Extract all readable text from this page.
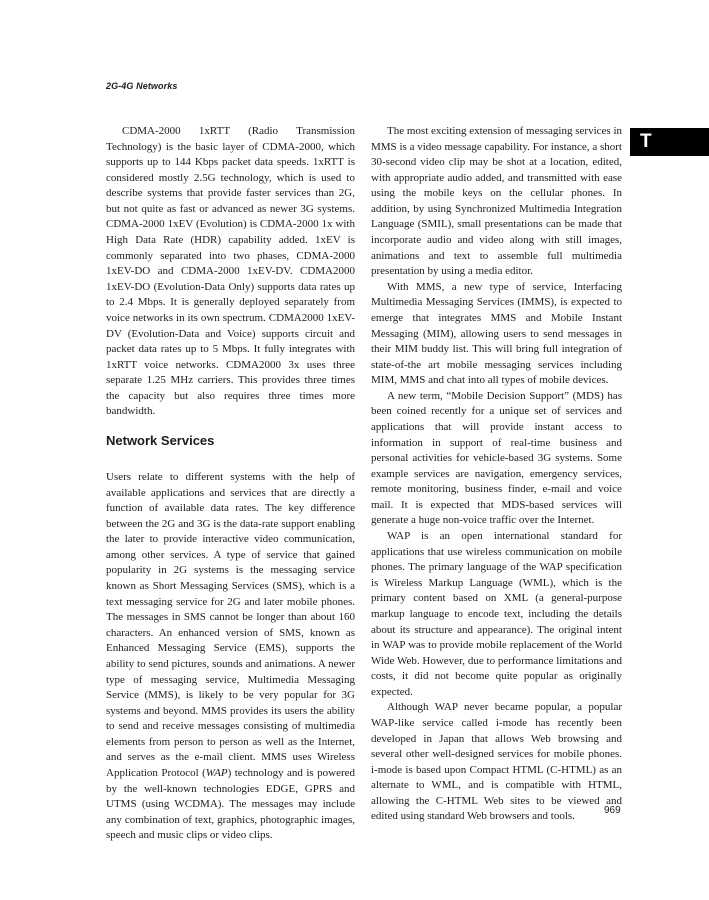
2G-4G Networks
T

CDMA-2000 1xRTT (Radio Transmission Technology) is the basic layer of CDMA-2000, which supports up to 144 Kbps packet data speeds. 1xRTT is considered mostly 2.5G technology, which is used to describe systems that provide faster services than 2G, but not quite as fast or advanced as newer 3G systems. CDMA-2000 1xEV (Evolution) is CDMA-2000 1x with High Data Rate (HDR) capability added. 1xEV is commonly separated into two phases, CDMA-2000 1xEV-DO and CDMA-2000 1xEV-DV. CDMA2000 1xEV-DO (Evolution-Data Only) supports data rates up to 2.4 Mbps. It is generally deployed separately from voice networks in its own spectrum. CDMA2000 1xEV-DV (Evolution-Data and Voice) supports circuit and packet data rates up to 5 Mbps. It fully integrates with 1xRTT voice networks. CDMA2000 3x uses three separate 1.25 MHz carriers. This provides three times the capacity but also requires three times more bandwidth.

Network Services

Users relate to different systems with the help of available applications and services that are directly a function of available data rates. The key difference between the 2G and 3G is the data-rate support enabling the later to provide interactive video communication, among other services. A type of service that gained popularity in 2G systems is the messaging service known as Short Messaging Services (SMS), which is a text messaging service for 2G and later mobile phones. The messages in SMS cannot be longer than about 160 characters. An enhanced version of SMS, known as Enhanced Messaging Service (EMS), supports the ability to send pictures, sounds and animations. A newer type of messaging service, Multimedia Messaging Service (MMS), is likely to be very popular for 3G systems and beyond. MMS provides its users the ability to send and receive messages consisting of multimedia elements from person to person as well as the Internet, and serves as the e-mail client. MMS uses Wireless Application Protocol (WAP) technology and is powered by the well-known technologies EDGE, GPRS and UTMS (using WCDMA). The messages may include any combination of text, graphics, photographic images, speech and music clips or video clips.

The most exciting extension of messaging services in MMS is a video message capability. For instance, a short 30-second video clip may be shot at a location, edited, with appropriate audio added, and transmitted with ease using the mobile keys on the cellular phones. In addition, by using Synchronized Multimedia Integration Language (SMIL), small presentations can be made that incorporate audio and video along with still images, animations and text to assemble full multimedia presentation by using a media editor.

With MMS, a new type of service, Interfacing Multimedia Messaging Services (IMMS), is expected to emerge that integrates MMS and Mobile Instant Messaging (MIM), allowing users to send messages in their MIM buddy list. This will bring full integration of state-of-the art mobile messaging services including MIM, MMS and chat into all types of mobile devices.

A new term, “Mobile Decision Support” (MDS) has been coined recently for a unique set of services and applications that will provide instant access to information in support of real-time business and personal activities for vehicle-based 3G systems. Some example services are navigation, emergency services, remote monitoring, business finder, e-mail and voice mail. It is expected that MDS-based services will generate a huge non-voice traffic over the Internet.

WAP is an open international standard for applications that use wireless communication on mobile phones. The primary language of the WAP specification is Wireless Markup Language (WML), which is the primary content based on XML (a general-purpose markup language to encode text, including the details about its structure and appearance). The original intent in WAP was to provide mobile replacement of the World Wide Web. However, due to performance limitations and costs, it did not become quite popular as originally expected.

Although WAP never became popular, a popular WAP-like service called i-mode has recently been developed in Japan that allows Web browsing and several other well-designed services for mobile phones. i-mode is based upon Compact HTML (C-HTML) as an alternate to WML, and is compatible with HTML, allowing the C-HTML Web sites to be viewed and edited using standard Web browsers and tools.	969
